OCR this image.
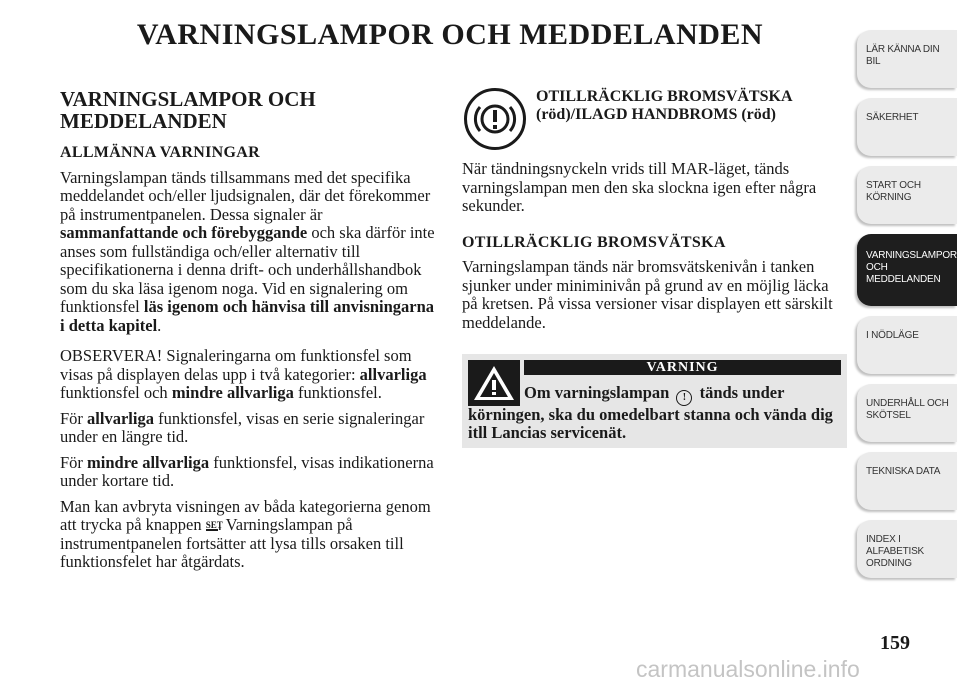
VARNINGSLAMPOR OCH MEDDELANDEN
VARNINGSLAMPOR OCH
MEDDELANDEN
ALLMÄNNA VARNINGAR

Varningslampan tänds tillsammans med det specifika meddelandet och/eller ljudsignalen, där det förekommer på instrumentpanelen. Dessa signaler är sammanfattande och förebyggande och ska därför inte anses som fullständiga och/eller alternativ till specifikationerna i denna drift- och underhållshandbok som du ska läsa igenom noga. Vid en signalering om funktionsfel läs igenom och hänvisa till anvisningarna i detta kapitel.

OBSERVERA! Signaleringarna om funktionsfel som visas på displayen delas upp i två kategorier: allvarliga funktionsfel och mindre allvarliga funktionsfel.

För allvarliga funktionsfel, visas en serie signaleringar under en längre tid.

För mindre allvarliga funktionsfel, visas indikationerna under kortare tid.

Man kan avbryta visningen av båda kategorierna genom att trycka på knappen SET. Varningslampan på instrumentpanelen fortsätter att lysa tills orsaken till funktionsfelet har åtgärdats.

OTILLRÄCKLIG BROMSVÄTSKA
(röd)/ILAGD HANDBROMS (röd)

När tändningsnyckeln vrids till MAR-läget, tänds varningslampan men den ska slockna igen efter några sekunder.

OTILLRÄCKLIG BROMSVÄTSKA

Varningslampan tänds när bromsvätskenivån i tanken sjunker under miniminivån på grund av en möjlig läcka på kretsen. På vissa versioner visar displayen ett särskilt meddelande.

VARNING
Om varningslampan ! tänds under körningen, ska du omedelbart stanna och vända dig itll Lancias servicenät.
LÄR KÄNNA DIN
BIL
SÄKERHET
START OCH
KÖRNING
VARNINGSLAMPOR
OCH
MEDDELANDEN
I NÖDLÄGE
UNDERHÅLL OCH
SKÖTSEL
TEKNISKA DATA
INDEX I
ALFABETISK
ORDNING
159
carmanualsonline.info
